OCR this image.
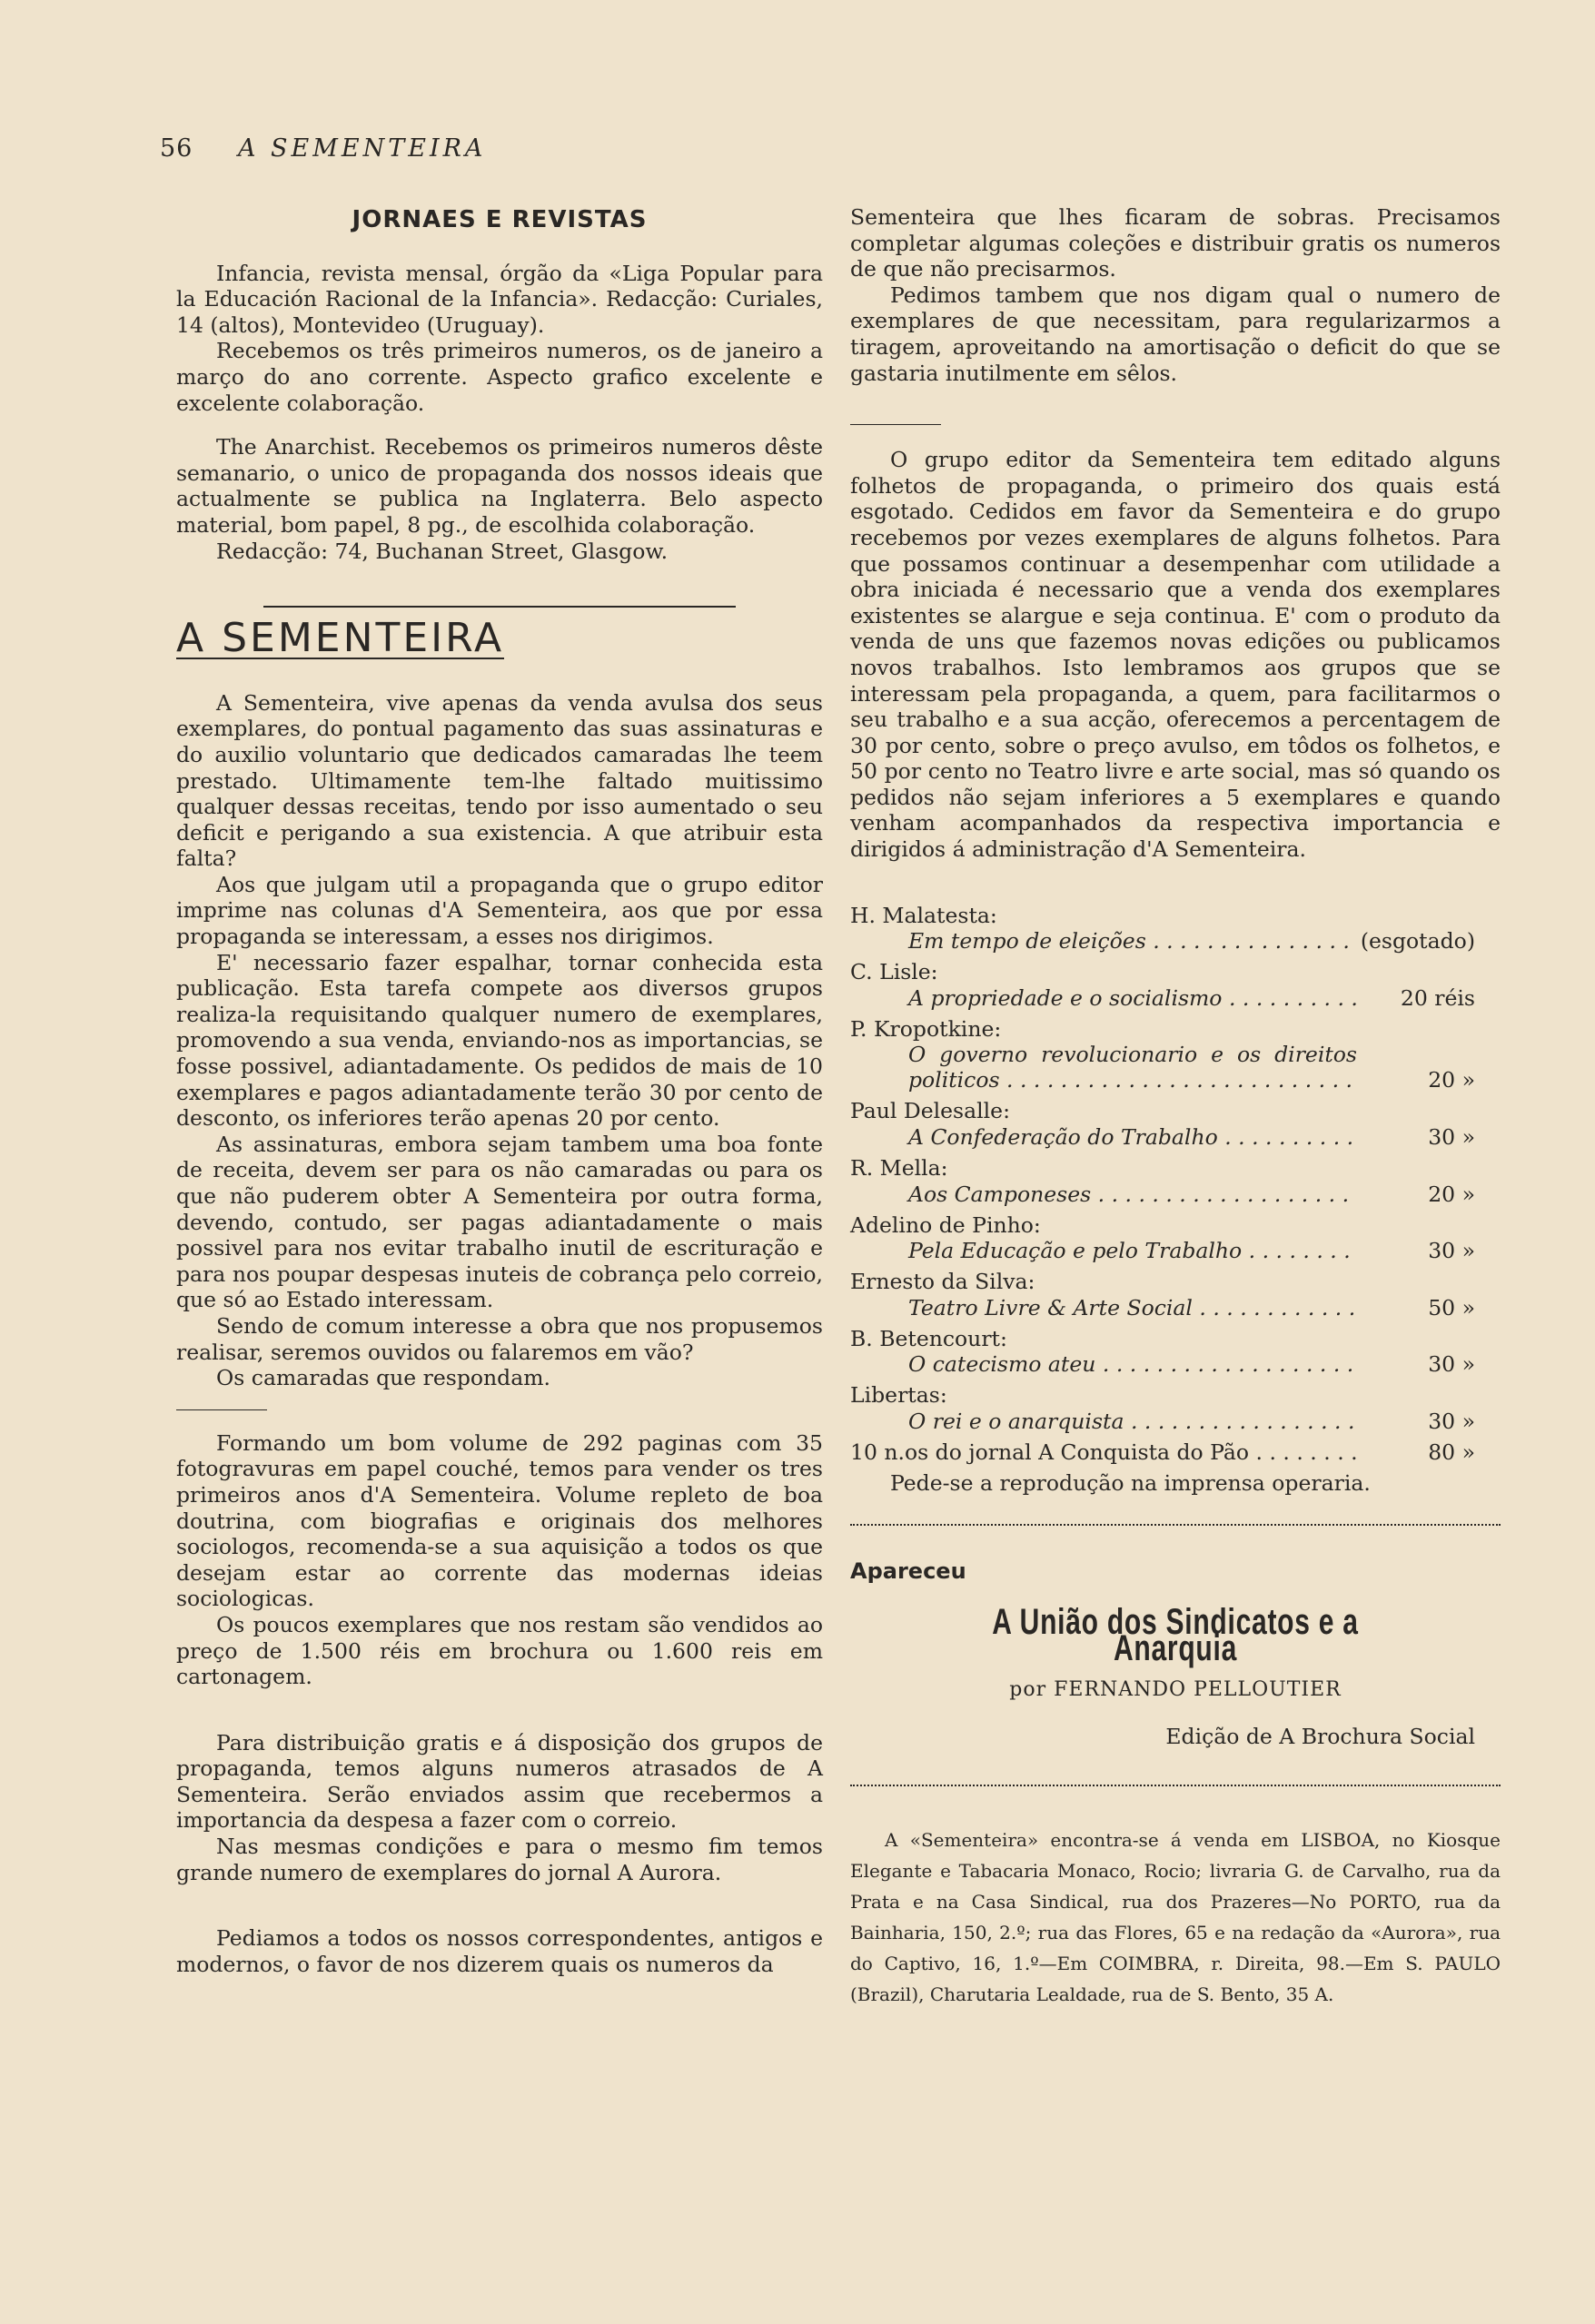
56 A SEMENTEIRA
JORNAES E REVISTAS

Infancia, revista mensal, órgão da «Liga Popular para la Educación Racional de la Infancia». Redacção: Curiales, 14 (altos), Montevideo (Uruguay).

Recebemos os três primeiros numeros, os de janeiro a março do ano corrente. Aspecto grafico excelente e excelente colaboração.

The Anarchist. Recebemos os primeiros numeros dêste semanario, o unico de propaganda dos nossos ideais que actualmente se publica na Inglaterra. Belo aspecto material, bom papel, 8 pg., de escolhida colaboração.

Redacção: 74, Buchanan Street, Glasgow.

A SEMENTEIRA

A Sementeira, vive apenas da venda avulsa dos seus exemplares, do pontual pagamento das suas assinaturas e do auxilio voluntario que dedicados camaradas lhe teem prestado. Ultimamente tem-lhe faltado muitissimo qualquer dessas receitas, tendo por isso aumentado o seu deficit e perigando a sua existencia. A que atribuir esta falta?

Aos que julgam util a propaganda que o grupo editor imprime nas colunas d'A Sementeira, aos que por essa propaganda se interessam, a esses nos dirigimos.

E' necessario fazer espalhar, tornar conhecida esta publicação. Esta tarefa compete aos diversos grupos realiza-la requisitando qualquer numero de exemplares, promovendo a sua venda, enviando-nos as importancias, se fosse possivel, adiantadamente. Os pedidos de mais de 10 exemplares e pagos adiantadamente terão 30 por cento de desconto, os inferiores terão apenas 20 por cento.

As assinaturas, embora sejam tambem uma boa fonte de receita, devem ser para os não camaradas ou para os que não puderem obter A Sementeira por outra forma, devendo, contudo, ser pagas adiantadamente o mais possivel para nos evitar trabalho inutil de escrituração e para nos poupar despesas inuteis de cobrança pelo correio, que só ao Estado interessam.

Sendo de comum interesse a obra que nos propusemos realisar, seremos ouvidos ou falaremos em vão?

Os camaradas que respondam.

Formando um bom volume de 292 paginas com 35 fotogravuras em papel couché, temos para vender os tres primeiros anos d'A Sementeira. Volume repleto de boa doutrina, com biografias e originais dos melhores sociologos, recomenda-se a sua aquisição a todos os que desejam estar ao corrente das modernas ideias sociologicas.

Os poucos exemplares que nos restam são vendidos ao preço de 1.500 réis em brochura ou 1.600 reis em cartonagem.

Para distribuição gratis e á disposição dos grupos de propaganda, temos alguns numeros atrasados de A Sementeira. Serão enviados assim que recebermos a importancia da despesa a fazer com o correio.

Nas mesmas condições e para o mesmo fim temos grande numero de exemplares do jornal A Aurora.

Pediamos a todos os nossos correspondentes, antigos e modernos, o favor de nos dizerem quais os numeros da

Sementeira que lhes ficaram de sobras. Precisamos completar algumas coleções e distribuir gratis os numeros de que não precisarmos.

Pedimos tambem que nos digam qual o numero de exemplares de que necessitam, para regularizarmos a tiragem, aproveitando na amortisação o deficit do que se gastaria inutilmente em sêlos.

O grupo editor da Sementeira tem editado alguns folhetos de propaganda, o primeiro dos quais está esgotado. Cedidos em favor da Sementeira e do grupo recebemos por vezes exemplares de alguns folhetos. Para que possamos continuar a desempenhar com utilidade a obra iniciada é necessario que a venda dos exemplares existentes se alargue e seja continua. E' com o produto da venda de uns que fazemos novas edições ou publicamos novos trabalhos. Isto lembramos aos grupos que se interessam pela propaganda, a quem, para facilitarmos o seu trabalho e a sua acção, oferecemos a percentagem de 30 por cento, sobre o preço avulso, em tôdos os folhetos, e 50 por cento no Teatro livre e arte social, mas só quando os pedidos não sejam inferiores a 5 exemplares e quando venham acompanhados da respectiva importancia e dirigidos á administração d'A Sementeira.

H. Malatesta:
Em tempo de eleições . . .	(esgotado)
C. Lisle:
A propriedade e o socialismo . . .	20 réis
P. Kropotkine:
O governo revolucionario e os direitos politicos . . .	20 »
Paul Delesalle:
A Confederação do Trabalho . . .	30 »
R. Mella:
Aos Camponeses . . .	20 »
Adelino de Pinho:
Pela Educação e pelo Trabalho . . .	30 »
Ernesto da Silva:
Teatro Livre & Arte Social . . .	50 »
B. Betencourt:
O catecismo ateu . . .	30 »
Libertas:
O rei e o anarquista . . .	30 »
10 n.os do jornal A Conquista do Pão . . .	80 »

Pede-se a reprodução na imprensa operaria.

Apareceu
A União dos Sindicatos e a Anarquia
por FERNANDO PELLOUTIER
Edição de A Brochura Social

A «Sementeira» encontra-se á venda em LISBOA, no Kiosque Elegante e Tabacaria Monaco, Rocio; livraria G. de Carvalho, rua da Prata e na Casa Sindical, rua dos Prazeres—No PORTO, rua da Bainharia, 150, 2.º; rua das Flores, 65 e na redação da «Aurora», rua do Captivo, 16, 1.º—Em COIMBRA, r. Direita, 98.—Em S. PAULO (Brazil), Charutaria Lealdade, rua de S. Bento, 35 A.
